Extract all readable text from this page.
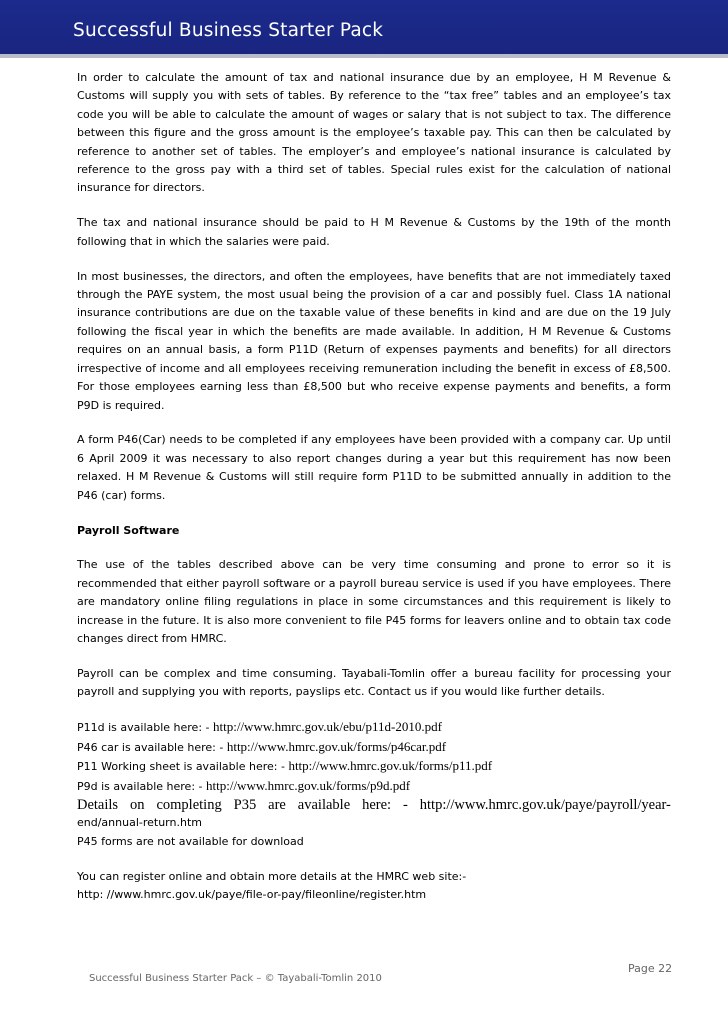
Successful Business Starter Pack

In order to calculate the amount of tax and national insurance due by an employee, H M Revenue & Customs will supply you with sets of tables. By reference to the “tax free” tables and an employee’s tax code you will be able to calculate the amount of wages or salary that is not subject to tax. The difference between this figure and the gross amount is the employee’s taxable pay. This can then be calculated by reference to another set of tables. The employer’s and employee’s national insurance is calculated by reference to the gross pay with a third set of tables. Special rules exist for the calculation of national insurance for directors.

The tax and national insurance should be paid to H M Revenue & Customs by the 19th of the month following that in which the salaries were paid.

In most businesses, the directors, and often the employees, have benefits that are not immediately taxed through the PAYE system, the most usual being the provision of a car and possibly fuel. Class 1A national insurance contributions are due on the taxable value of these benefits in kind and are due on the 19 July following the fiscal year in which the benefits are made available. In addition, H M Revenue & Customs requires on an annual basis, a form P11D (Return of expenses payments and benefits) for all directors irrespective of income and all employees receiving remuneration including the benefit in excess of £8,500. For those employees earning less than £8,500 but who receive expense payments and benefits, a form P9D is required.

A form P46(Car) needs to be completed if any employees have been provided with a company car. Up until 6 April 2009 it was necessary to also report changes during a year but this requirement has now been relaxed. H M Revenue & Customs will still require form P11D to be submitted annually in addition to the P46 (car) forms.

Payroll Software

The use of the tables described above can be very time consuming and prone to error so it is recommended that either payroll software or a payroll bureau service is used if you have employees. There are mandatory online filing regulations in place in some circumstances and this requirement is likely to increase in the future. It is also more convenient to file P45 forms for leavers online and to obtain tax code changes direct from HMRC.

Payroll can be complex and time consuming. Tayabali-Tomlin offer a bureau facility for processing your payroll and supplying you with reports, payslips etc. Contact us if you would like further details.

P11d is available here: - http://www.hmrc.gov.uk/ebu/p11d-2010.pdf

P46 car is available here: - http://www.hmrc.gov.uk/forms/p46car.pdf

P11 Working sheet is available here: - http://www.hmrc.gov.uk/forms/p11.pdf

P9d is available here: - http://www.hmrc.gov.uk/forms/p9d.pdf

Details on completing P35 are available here: - http://www.hmrc.gov.uk/paye/payroll/year-

end/annual-return.htm

P45 forms are not available for download

You can register online and obtain more details at the HMRC web site:-

http: //www.hmrc.gov.uk/paye/file-or-pay/fileonline/register.htm

Page 22
Successful Business Starter Pack – © Tayabali-Tomlin 2010
